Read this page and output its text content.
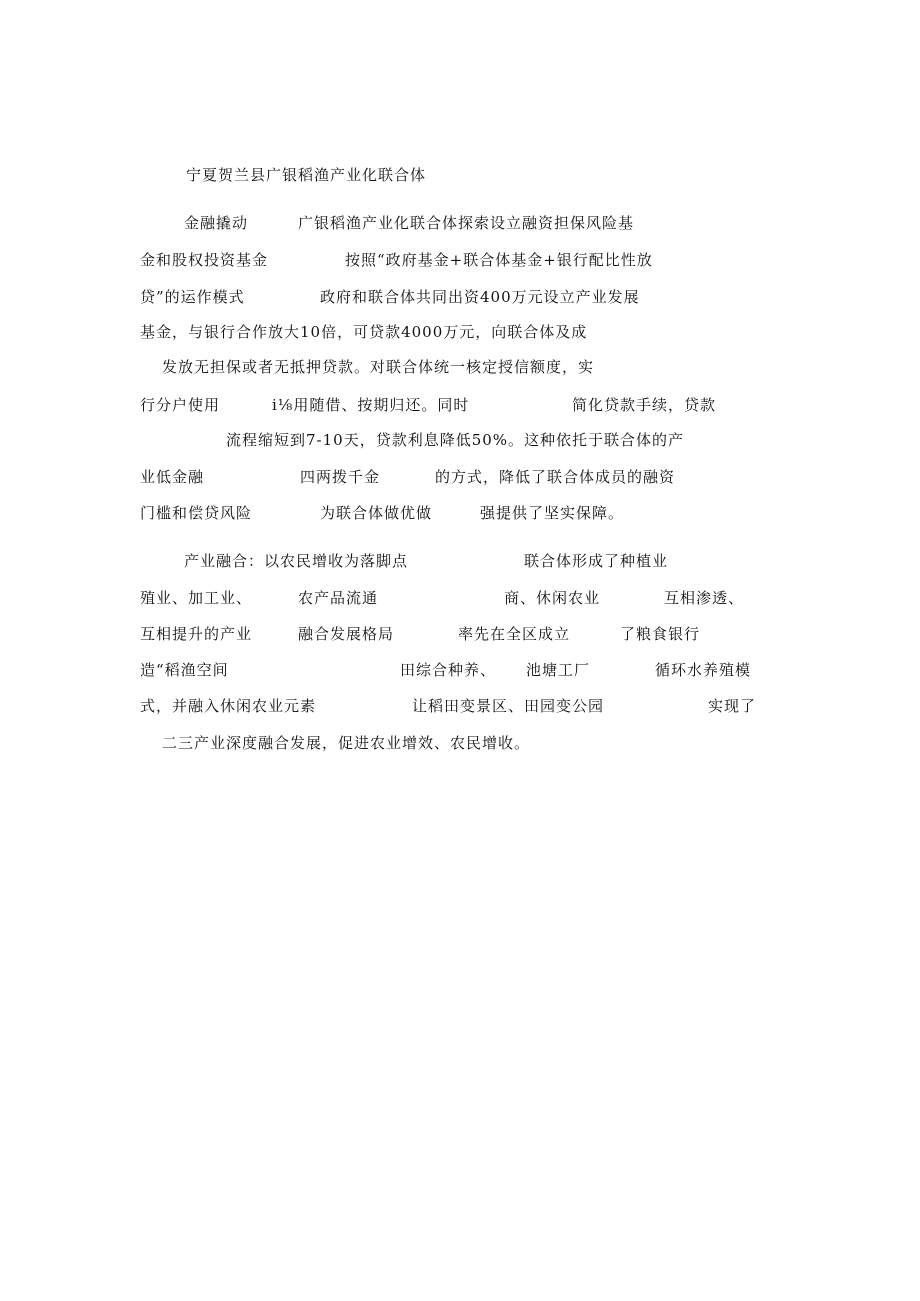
宁夏贺兰县广银稻渔产业化联合体
金融撬动	广银稻渔产业化联合体探索设立融资担保风险基
金和股权投资基金	按照“政府基金+联合体基金+银行配比性放
贷”的运作模式	政府和联合体共同出资400万元设立产业发展
基金，与银行合作放大10倍，可贷款4000万元，向联合体及成
发放无担保或者无抵押贷款。对联合体统一核定授信额度，实
行分户使用	i⅛用随借、按期归还。同时	简化贷款手续，贷款
流程缩短到7-10天，贷款利息降低50%。这种依托于联合体的产
业低金融	四两拨千金	的方式，降低了联合体成员的融资
门槛和偿贷风险	为联合体做优做	强提供了坚实保障。
产业融合：以农民增收为落脚点	联合体形成了种植业
殖业、加工业、	农产品流通	商、休闲农业	互相渗透、
互相提升的产业	融合发展格局	率先在全区成立	了粮食银行
造“稻渔空间	田综合种养、 池塘工厂	循环水养殖模
式，并融入休闲农业元素	让稻田变景区、田园变公园	实现了
二三产业深度融合发展，促进农业增效、农民增收。
